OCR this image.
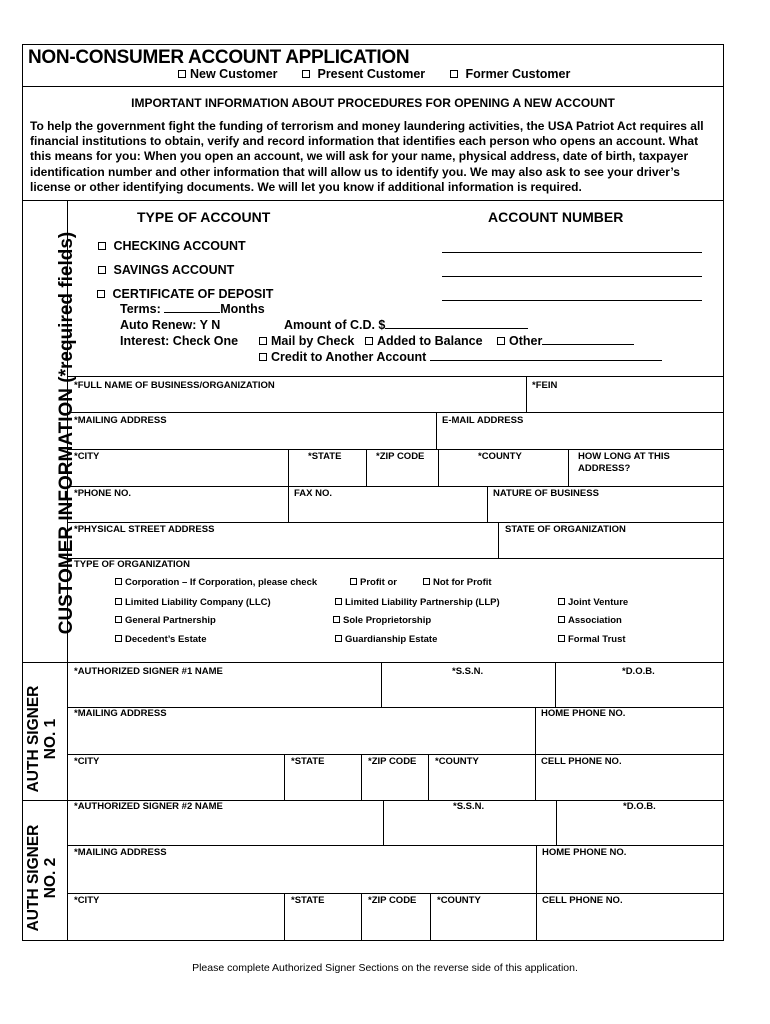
NON-CONSUMER ACCOUNT APPLICATION
New Customer	Present Customer	Former Customer
IMPORTANT INFORMATION ABOUT PROCEDURES FOR OPENING A NEW ACCOUNT
To help the government fight the funding of terrorism and money laundering activities, the USA Patriot Act requires all financial institutions to obtain, verify and record information that identifies each person who opens an account. What this means for you: When you open an account, we will ask for your name, physical address, date of birth, taxpayer identification number and other information that will allow us to identify you. We may also ask to see your driver’s license or other identifying documents. We will let you know if additional information is required.
CUSTOMER INFORMATION (*required fields)
AUTH SIGNER NO. 1
AUTH SIGNER NO. 2
TYPE OF ACCOUNT	ACCOUNT NUMBER
CHECKING ACCOUNT
SAVINGS ACCOUNT
CERTIFICATE OF DEPOSIT
Terms:	Months
Auto Renew: Y N	Amount of C.D. $
Interest: Check One	Mail by Check	Added to Balance	Other
Credit to Another Account
*FULL NAME OF BUSINESS/ORGANIZATION	*FEIN
*MAILING ADDRESS	E-MAIL ADDRESS
*CITY	*STATE	*ZIP CODE	*COUNTY	HOW LONG AT THIS
ADDRESS?
*PHONE NO.	FAX NO.	NATURE OF BUSINESS
*PHYSICAL STREET ADDRESS	STATE OF ORGANIZATION
TYPE OF ORGANIZATION
Corporation – If Corporation, please check	Profit or	Not for Profit
Limited Liability Company (LLC)	Limited Liability Partnership (LLP)	Joint Venture
General Partnership	Sole Proprietorship	Association
Decedent’s Estate	Guardianship Estate	Formal Trust
*AUTHORIZED SIGNER #1 NAME	*S.S.N.	*D.O.B.
*MAILING ADDRESS	HOME PHONE NO.
*CITY	*STATE	*ZIP CODE *COUNTY	CELL PHONE NO.
*AUTHORIZED SIGNER #2 NAME	*S.S.N.	*D.O.B.
*MAILING ADDRESS	HOME PHONE NO.
*CITY	*STATE	*ZIP CODE *COUNTY	CELL PHONE NO.
Please complete Authorized Signer Sections on the reverse side of this application.
